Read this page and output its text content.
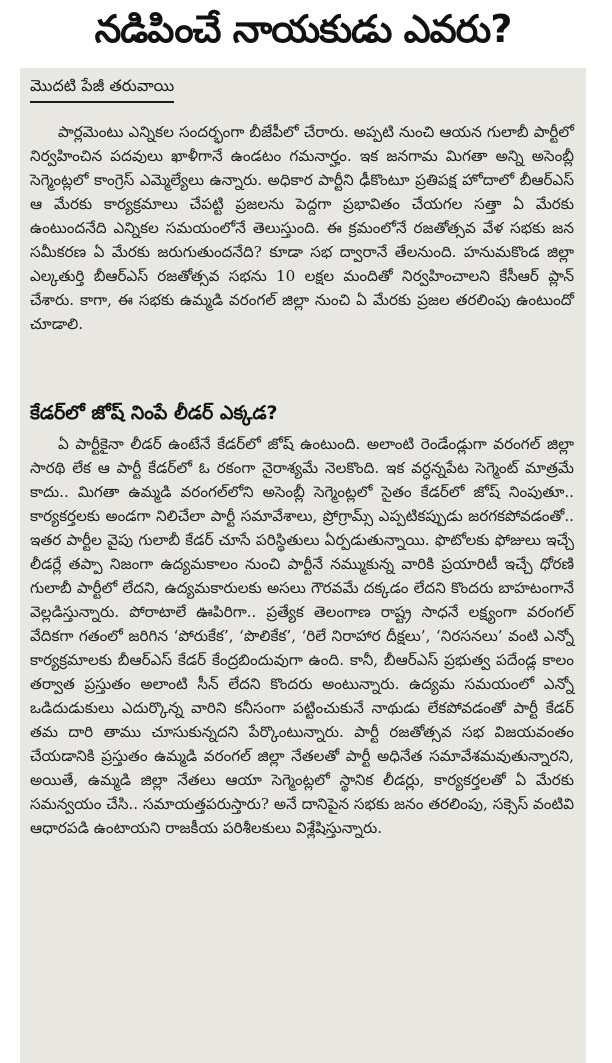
నడిపించే నాయకుడు ఎవరు?
మొదటి పేజీ తరువాయి

పార్లమెంటు ఎన్నికల సందర్భంగా బీజేపీలో చేరారు. అప్పటి నుంచి ఆయన గులాబీ పార్టీలో నిర్వహించిన పదవులు ఖాళీగానే ఉండటం గమనార్హం. ఇక జనగామ మిగతా అన్ని అసెంబ్లీ సెగ్మెంట్లలో కాంగ్రెస్ ఎమ్మెల్యేలు ఉన్నారు. అధికార పార్టీని ఢీకొంటూ ప్రతిపక్ష హోదాలో బీఆర్ఎస్ ఆ మేరకు కార్యక్రమాలు చేపట్టి ప్రజలను పెద్దగా ప్రభావితం చేయగల సత్తా ఏ మేరకు ఉంటుందనేది ఎన్నికల సమయంలోనే తెలుస్తుంది. ఈ క్రమంలోనే రజతోత్సవ వేళ సభకు జన సమీకరణ ఏ మేరకు జరుగుతుందనేది? కూడా సభ ద్వారానే తేలనుంది. హనుమకొండ జిల్లా ఎల్కతుర్తి బీఆర్ఎస్ రజతోత్సవ సభను 10 లక్షల మందితో నిర్వహించాలని కేసీఆర్ ప్లాన్ చేశారు. కాగా, ఈ సభకు ఉమ్మడి వరంగల్ జిల్లా నుంచి ఏ మేరకు ప్రజల తరలింపు ఉంటుందో చూడాలి.

కేడర్‌లో జోష్ నింపే లీడర్ ఎక్కడ?

ఏ పార్టీకైనా లీడర్ ఉంటేనే కేడర్‌లో జోష్ ఉంటుంది. అలాంటి రెండేండ్లుగా వరంగల్ జిల్లా సారథి లేక ఆ పార్టీ కేడర్‌లో ఓ రకంగా నైరాశ్యమే నెలకొంది. ఇక వర్ధన్నపేట సెగ్మెంట్ మాత్రమే కాదు.. మిగతా ఉమ్మడి వరంగల్‌లోని అసెంబ్లీ సెగ్మెంట్లలో సైతం కేడర్‌లో జోష్ నింపుతూ.. కార్యకర్తలకు అండగా నిలిచేలా పార్టీ సమావేశాలు, ప్రోగ్రామ్స్ ఎప్పటికప్పుడు జరగకపోవడంతో.. ఇతర పార్టీల వైపు గులాబీ కేడర్ చూసే పరిస్థితులు ఏర్పడుతున్నాయి. ఫొటోలకు ఫోజులు ఇచ్చే లీడర్లే తప్పా నిజంగా ఉద్యమకాలం నుంచి పార్టీనే నమ్ముకున్న వారికి ప్రయారిటీ ఇచ్చే ధోరణి గులాబీ పార్టీలో లేదని, ఉద్యమకారులకు అసలు గౌరవమే దక్కడం లేదని కొందరు బాహటంగానే వెల్లడిస్తున్నారు. పోరాటాలే ఊపిరిగా.. ప్రత్యేక తెలంగాణ రాష్ట్ర సాధనే లక్ష్యంగా వరంగల్ వేదికగా గతంలో జరిగిన ‘పోరుకేక’, ‘పొలికేక’, ‘రిలే నిరాహార దీక్షలు’, ‘నిరసనలు’ వంటి ఎన్నో కార్యక్రమాలకు బీఆర్ఎస్ కేడర్ కేంద్రబిందువుగా ఉంది. కానీ, బీఆర్ఎస్ ప్రభుత్వ పదేండ్ల కాలం తర్వాత ప్రస్తుతం అలాంటి సీన్ లేదని కొందరు అంటున్నారు. ఉద్యమ సమయంలో ఎన్నో ఒడిదుడుకులు ఎదుర్కొన్న వారిని కనీసంగా పట్టించుకునే నాథుడు లేకపోవడంతో పార్టీ కేడర్ తమ దారి తాము చూసుకున్నదని పేర్కొంటున్నారు. పార్టీ రజతోత్సవ సభ విజయవంతం చేయడానికి ప్రస్తుతం ఉమ్మడి వరంగల్ జిల్లా నేతలతో పార్టీ అధినేత సమావేశమవుతున్నారని, అయితే, ఉమ్మడి జిల్లా నేతలు ఆయా సెగ్మెంట్లలో స్థానిక లీడర్లు, కార్యకర్తలతో ఏ మేరకు సమన్వయం చేసి.. సమాయత్తపరుస్తారు? అనే దానిపైన సభకు జనం తరలింపు, సక్సెస్ వంటివి ఆధారపడి ఉంటాయని రాజకీయ పరిశీలకులు విశ్లేషిస్తున్నారు.
